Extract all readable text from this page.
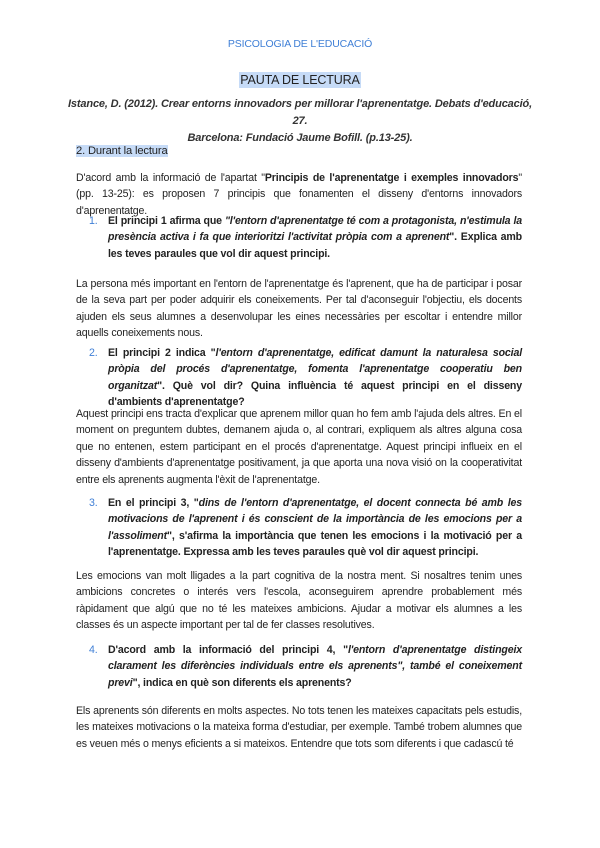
PSICOLOGIA DE L'EDUCACIÓ
PAUTA DE LECTURA
Istance, D. (2012). Crear entorns innovadors per millorar l'aprenentatge. Debats d'educació, 27.
Barcelona: Fundació Jaume Bofill. (p.13-25).
2. Durant la lectura
D'acord amb la informació de l'apartat "Principis de l'aprenentatge i exemples innovadors" (pp. 13-25): es proposen 7 principis que fonamenten el disseny d'entorns innovadors d'aprenentatge.
1. El principi 1 afirma que "l'entorn d'aprenentatge té com a protagonista, n'estimula la presència activa i fa que interioritzi l'activitat pròpia com a aprenent". Explica amb les teves paraules que vol dir aquest principi.
La persona més important en l'entorn de l'aprenentatge és l'aprenent, que ha de participar i posar de la seva part per poder adquirir els coneixements. Per tal d'aconseguir l'objectiu, els docents ajuden els seus alumnes a desenvolupar les eines necessàries per escoltar i entendre millor aquells coneixements nous.
2. El principi 2 indica "l'entorn d'aprenentatge, edificat damunt la naturalesa social pròpia del procés d'aprenentatge, fomenta l'aprenentatge cooperatiu ben organitzat". Què vol dir? Quina influència té aquest principi en el disseny d'ambients d'aprenentatge?
Aquest principi ens tracta d'explicar que aprenem millor quan ho fem amb l'ajuda dels altres. En el moment on preguntem dubtes, demanem ajuda o, al contrari, expliquem als altres alguna cosa que no entenen, estem participant en el procés d'aprenentatge. Aquest principi influeix en el disseny d'ambients d'aprenentatge positivament, ja que aporta una nova visió on la cooperativitat entre els aprenents augmenta l'èxit de l'aprenentatge.
3. En el principi 3, "dins de l'entorn d'aprenentatge, el docent connecta bé amb les motivacions de l'aprenent i és conscient de la importància de les emocions per a l'assoliment", s'afirma la importància que tenen les emocions i la motivació per a l'aprenentatge. Expressa amb les teves paraules què vol dir aquest principi.
Les emocions van molt lligades a la part cognitiva de la nostra ment. Si nosaltres tenim unes ambicions concretes o interés vers l'escola, aconseguirem aprendre probablement més ràpidament que algú que no té les mateixes ambicions. Ajudar a motivar els alumnes a les classes és un aspecte important per tal de fer classes resolutives.
4. D'acord amb la informació del principi 4, "l'entorn d'aprenentatge distingeix clarament les diferències individuals entre els aprenents", també el coneixement previ", indica en què son diferents els aprenents?
Els aprenents són diferents en molts aspectes. No tots tenen les mateixes capacitats pels estudis, les mateixes motivacions o la mateixa forma d'estudiar, per exemple. També trobem alumnes que es veuen més o menys eficients a si mateixos. Entendre que tots som diferents i que cadascú té
